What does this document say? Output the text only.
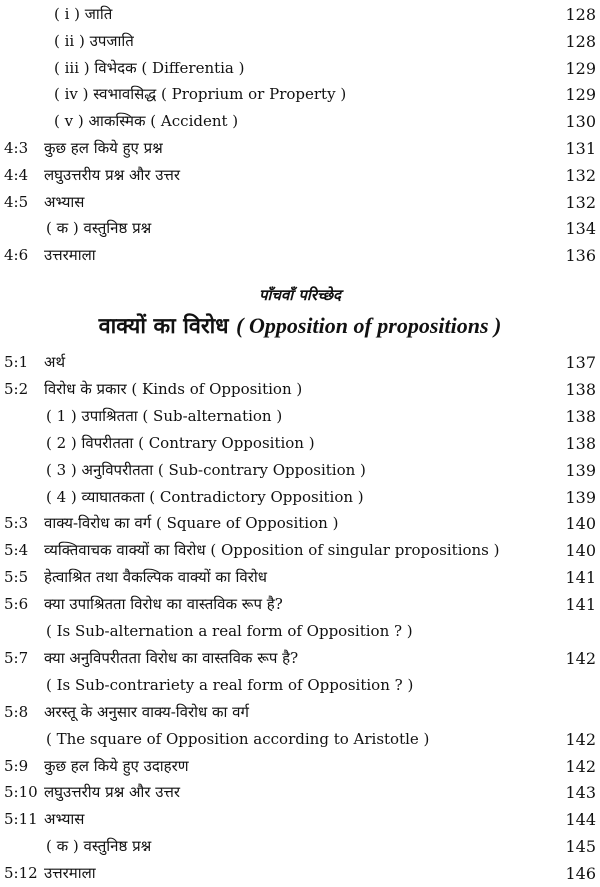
( i ) जाति	128
( ii ) उपजाति	128
( iii ) विभेदक ( Differentia )	129
( iv ) स्वभावसिद्ध ( Proprium or Property )	129
( v ) आकस्मिक ( Accident )	130
4:3 कुछ हल किये हुए प्रश्न	131
4:4 लघुउत्तरीय प्रश्न और उत्तर	132
4:5 अभ्यास	132
( क ) वस्तुनिष्ठ प्रश्न	134
4:6 उत्तरमाला	136
पाँचवाँ परिच्छेद
वाक्यों का विरोध ( Opposition of propositions )
5:1 अर्थ	137
5:2 विरोध के प्रकार ( Kinds of Opposition )	138
( 1 ) उपाश्रितता ( Sub-alternation )	138
( 2 ) विपरीतता ( Contrary Opposition )	138
( 3 ) अनुविपरीतता ( Sub-contrary Opposition )	139
( 4 ) व्याघातकता ( Contradictory Opposition )	139
5:3 वाक्य-विरोध का वर्ग ( Square of Opposition )	140
5:4 व्यक्तिवाचक वाक्यों का विरोध ( Opposition of singular propositions )	140
5:5 हेत्वाश्रित तथा वैकल्पिक वाक्यों का विरोध	141
5:6 क्या उपाश्रितता विरोध का वास्तविक रूप है?	141
( Is Sub-alternation a real form of Opposition ? )
5:7 क्या अनुविपरीतता विरोध का वास्तविक रूप है?	142
( Is Sub-contrariety a real form of Opposition ? )
5:8 अरस्तू के अनुसार वाक्य-विरोध का वर्ग
( The square of Opposition according to Aristotle )	142
5:9 कुछ हल किये हुए उदाहरण	142
5:10 लघुउत्तरीय प्रश्न और उत्तर	143
5:11 अभ्यास	144
( क ) वस्तुनिष्ठ प्रश्न	145
5:12 उत्तरमाला	146
